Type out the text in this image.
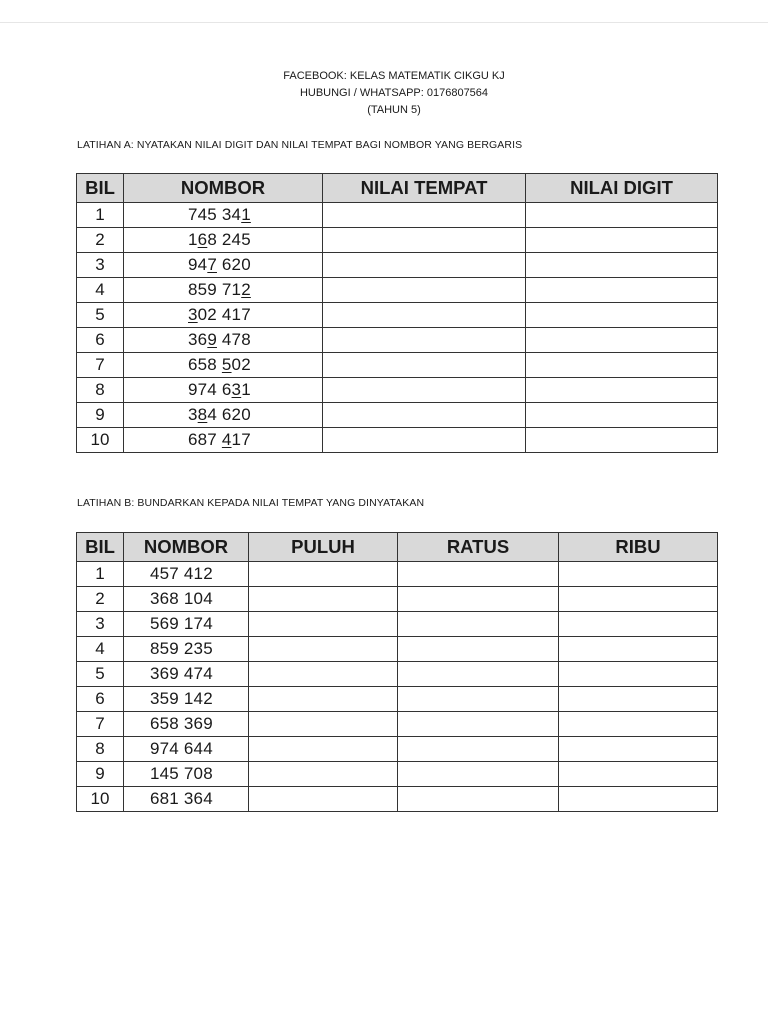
FACEBOOK: KELAS MATEMATIK CIKGU KJ
HUBUNGI / WHATSAPP: 0176807564
(TAHUN 5)
LATIHAN A: NYATAKAN NILAI DIGIT DAN NILAI TEMPAT BAGI NOMBOR YANG BERGARIS
BIL	NOMBOR	NILAI TEMPAT	NILAI DIGIT
1	745 341		
2	168 245		
3	947 620		
4	859 712		
5	302 417		
6	369 478		
7	658 502		
8	974 631		
9	384 620		
10	687 417		
LATIHAN B: BUNDARKAN KEPADA NILAI TEMPAT YANG DINYATAKAN
BIL	NOMBOR	PULUH	RATUS	RIBU
1	457 412			
2	368 104			
3	569 174			
4	859 235			
5	369 474			
6	359 142			
7	658 369			
8	974 644			
9	145 708			
10	681 364			
